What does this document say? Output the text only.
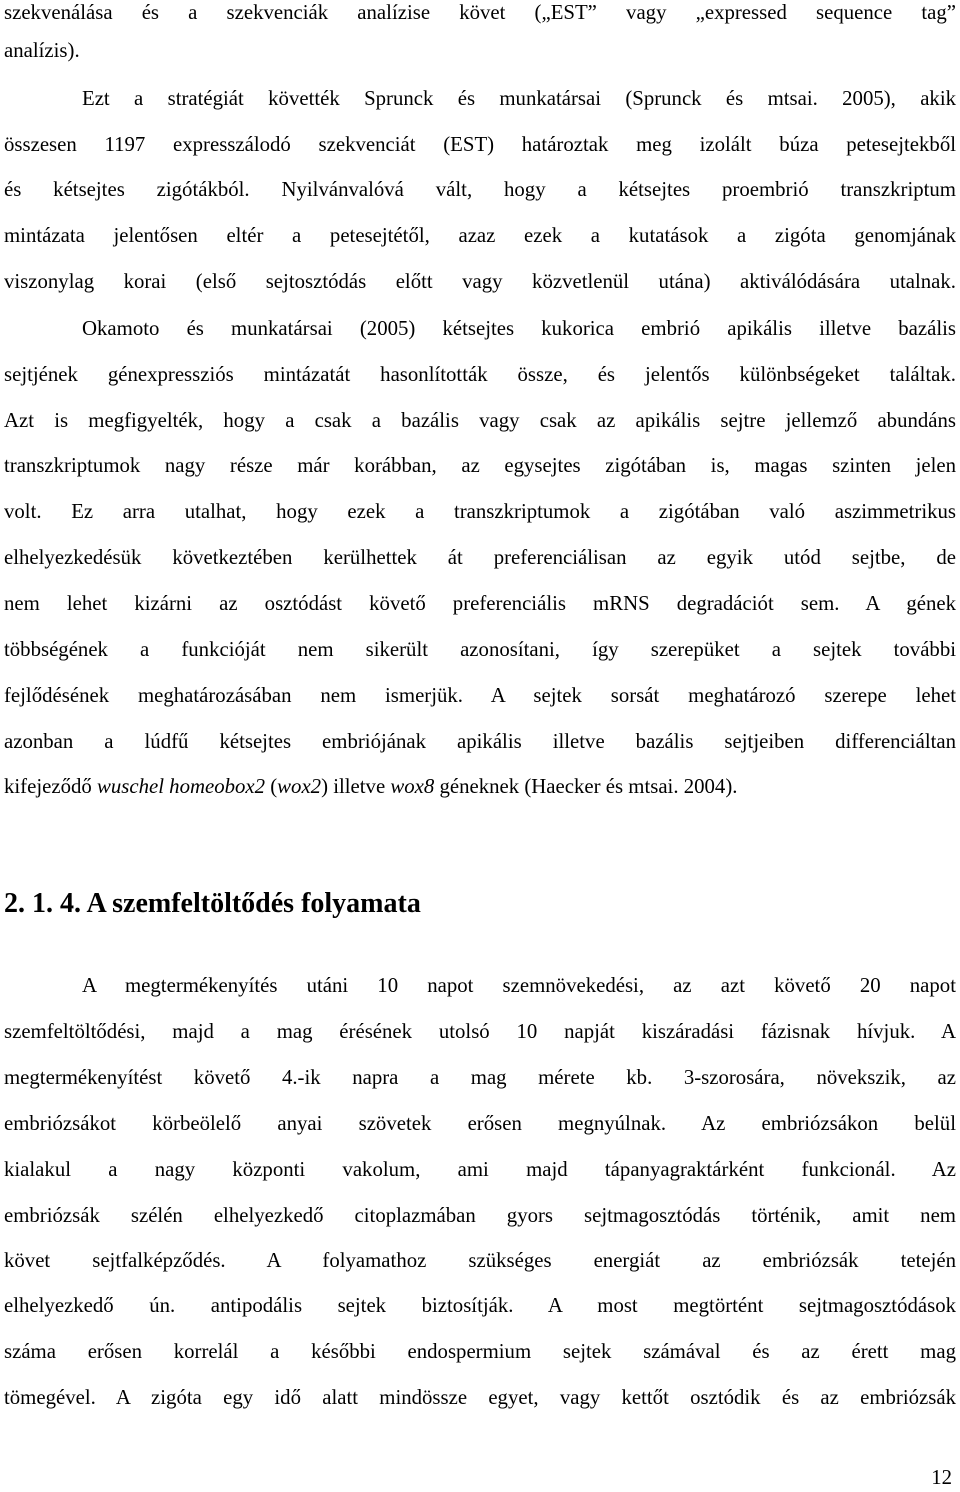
szekvenálása és a szekvenciák analízise követ („EST” vagy „expressed sequence tag”
analízis).
Ezt a stratégiát követték Sprunck és munkatársai (Sprunck és mtsai. 2005), akik
összesen 1197 expresszálodó szekvenciát (EST) határoztak meg izolált búza petesejtekből
és kétsejtes zigótákból. Nyilvánvalóvá vált, hogy a kétsejtes proembrió transzkriptum
mintázata jelentősen eltér a petesejtétől, azaz ezek a kutatások a zigóta genomjának
viszonylag korai (első sejtosztódás előtt vagy közvetlenül utána) aktiválódására utalnak.
Okamoto és munkatársai (2005) kétsejtes kukorica embrió apikális illetve bazális
sejtjének génexpressziós mintázatát hasonlították össze, és jelentős különbségeket találtak.
Azt is megfigyelték, hogy a csak a bazális vagy csak az apikális sejtre jellemző abundáns
transzkriptumok nagy része már korábban, az egysejtes zigótában is, magas szinten jelen
volt. Ez arra utalhat, hogy ezek a transzkriptumok a zigótában való aszimmetrikus
elhelyezkedésük következtében kerülhettek át preferenciálisan az egyik utód sejtbe, de
nem lehet kizárni az osztódást követő preferenciális mRNS degradációt sem. A gének
többségének a funkcióját nem sikerült azonosítani, így szerepüket a sejtek további
fejlődésének meghatározásában nem ismerjük. A sejtek sorsát meghatározó szerepe lehet
azonban a lúdfű kétsejtes embriójának apikális illetve bazális sejtjeiben differenciáltan
kifejeződő wuschel homeobox2 (wox2) illetve wox8 géneknek (Haecker és mtsai. 2004).
2. 1. 4. A szemfeltöltődés folyamata
A megtermékenyítés utáni 10 napot szemnövekedési, az azt követő 20 napot
szemfeltöltődési, majd a mag érésének utolsó 10 napját kiszáradási fázisnak hívjuk. A
megtermékenyítést követő 4.-ik napra a mag mérete kb. 3-szorosára, növekszik, az
embriózsákot körbeölelő anyai szövetek erősen megnyúlnak. Az embriózsákon belül
kialakul a nagy központi vakolum, ami majd tápanyagraktárként funkcionál. Az
embriózsák szélén elhelyezkedő citoplazmában gyors sejtmagosztódás történik, amit nem
követ sejtfalképződés. A folyamathoz szükséges energiát az embriózsák tetején
elhelyezkedő ún. antipodális sejtek biztosítják. A most megtörtént sejtmagosztódások
száma erősen korrelál a későbbi endospermium sejtek számával és az érett mag
tömegével. A zigóta egy idő alatt mindössze egyet, vagy kettőt osztódik és az embriózsák
12
